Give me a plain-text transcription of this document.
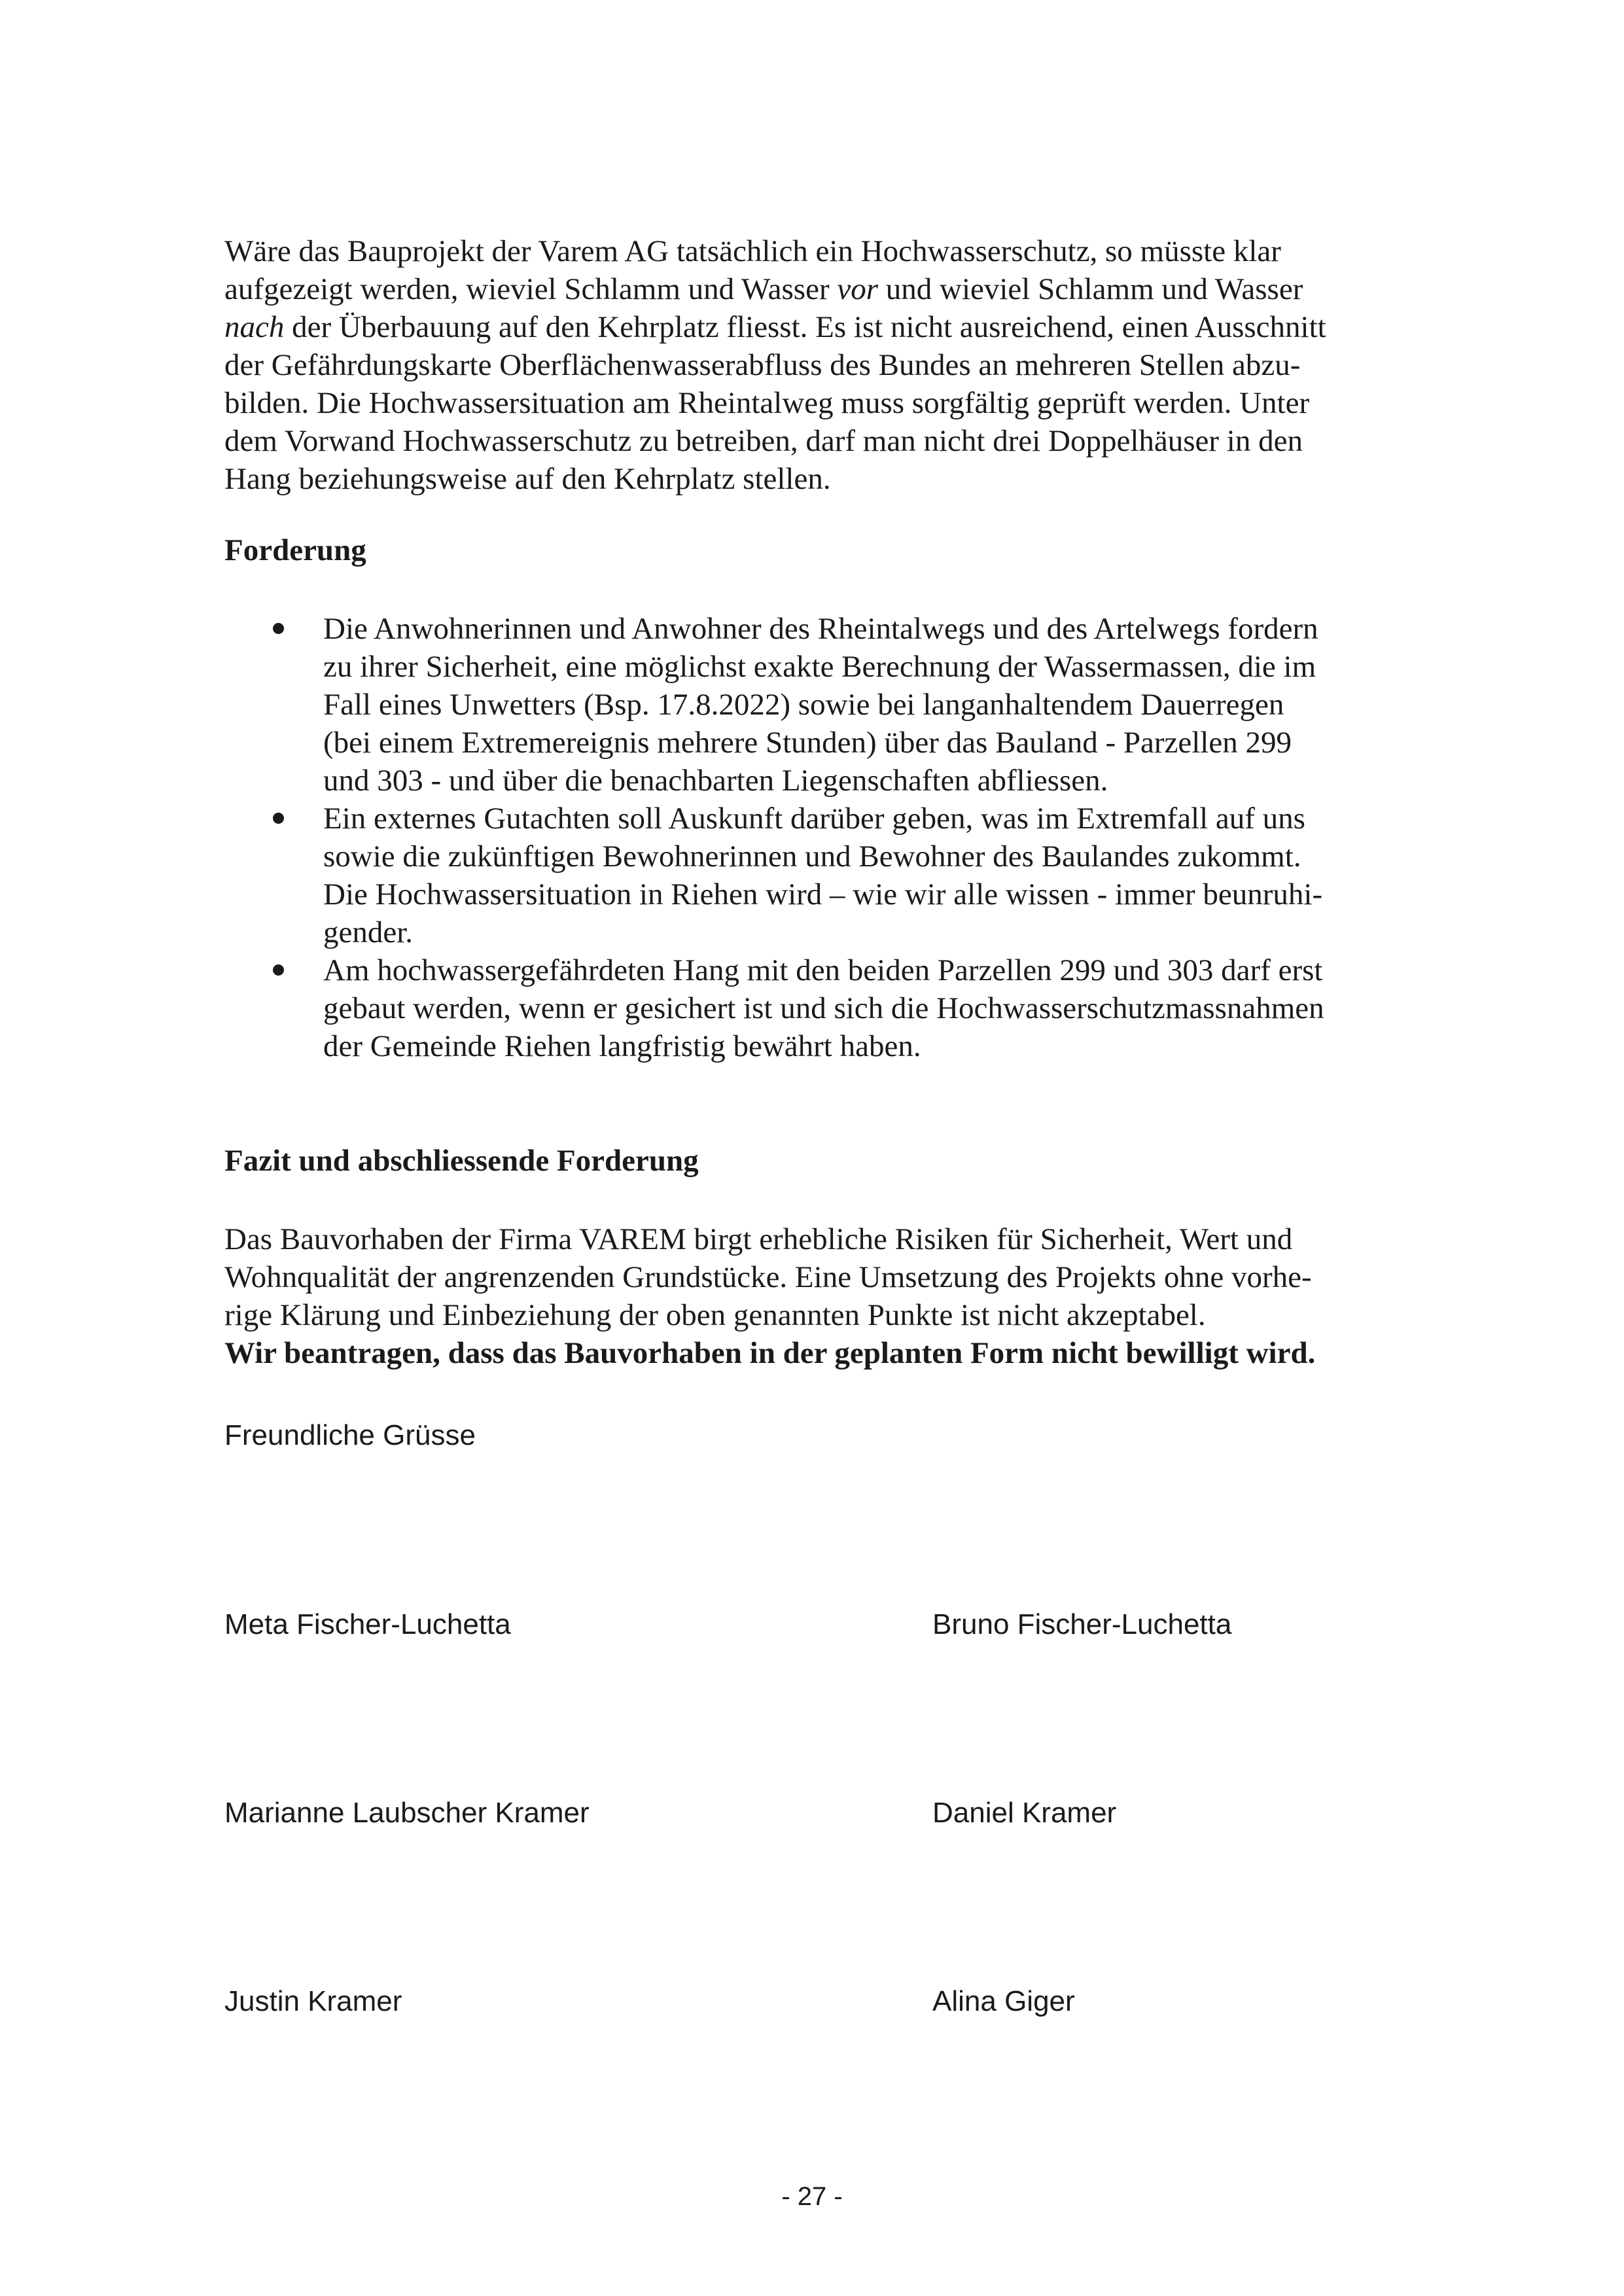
Wäre das Bauprojekt der Varem AG tatsächlich ein Hochwasserschutz, so müsste klar
aufgezeigt werden, wieviel Schlamm und Wasser vor und wieviel Schlamm und Wasser
nach der Überbauung auf den Kehrplatz fliesst. Es ist nicht ausreichend, einen Ausschnitt
der Gefährdungskarte Oberflächenwasserabfluss des Bundes an mehreren Stellen abzu-
bilden. Die Hochwassersituation am Rheintalweg muss sorgfältig geprüft werden. Unter
dem Vorwand Hochwasserschutz zu betreiben, darf man nicht drei Doppelhäuser in den
Hang beziehungsweise auf den Kehrplatz stellen.
Forderung
Die Anwohnerinnen und Anwohner des Rheintalwegs und des Artelwegs fordern
zu ihrer Sicherheit, eine möglichst exakte Berechnung der Wassermassen, die im
Fall eines Unwetters (Bsp. 17.8.2022) sowie bei langanhaltendem Dauerregen
(bei einem Extremereignis mehrere Stunden) über das Bauland - Parzellen 299
und 303 - und über die benachbarten Liegenschaften abfliessen.
Ein externes Gutachten soll Auskunft darüber geben, was im Extremfall auf uns
sowie die zukünftigen Bewohnerinnen und Bewohner des Baulandes zukommt.
Die Hochwassersituation in Riehen wird – wie wir alle wissen - immer beunruhi-
gender.
Am hochwassergefährdeten Hang mit den beiden Parzellen 299 und 303 darf erst
gebaut werden, wenn er gesichert ist und sich die Hochwasserschutzmassnahmen
der Gemeinde Riehen langfristig bewährt haben.
Fazit und abschliessende Forderung
Das Bauvorhaben der Firma VAREM birgt erhebliche Risiken für Sicherheit, Wert und
Wohnqualität der angrenzenden Grundstücke. Eine Umsetzung des Projekts ohne vorhe-
rige Klärung und Einbeziehung der oben genannten Punkte ist nicht akzeptabel.
Wir beantragen, dass das Bauvorhaben in der geplanten Form nicht bewilligt wird.
Freundliche Grüsse
Meta Fischer-Luchetta	Bruno Fischer-Luchetta
Marianne Laubscher Kramer	Daniel Kramer
Justin Kramer	Alina Giger
- 27 -
